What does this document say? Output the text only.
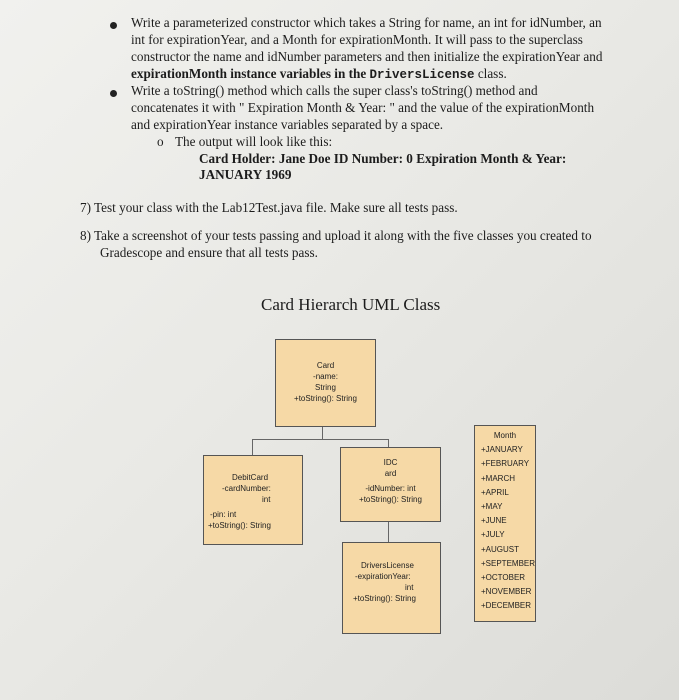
Write a parameterized constructor which takes a String for name, an int for idNumber, an
int for expirationYear, and a Month for expirationMonth. It will pass to the superclass
constructor the name and idNumber parameters and then initialize the expirationYear and
expirationMonth instance variables in the DriversLicense class.
Write a toString() method which calls the super class's toString() method and
concatenates it with " Expiration Month & Year: " and the value of the expirationMonth
and expirationYear instance variables separated by a space.
o The output will look like this:
Card Holder: Jane Doe ID Number: 0 Expiration Month & Year:
JANUARY 1969
7) Test your class with the Lab12Test.java file. Make sure all tests pass.
8) Take a screenshot of your tests passing and upload it along with the five classes you created to
Gradescope and ensure that all tests pass.
Card Hierarch UML Class
Card
-name:
String
+toString(): String
IDC
ard
-idNumber: int
+toString(): String
DebitCard
-cardNumber:
int
-pin: int
+toString(): String
DriversLicense
-expirationYear:
int
+toString(): String
Month
+JANUARY
+FEBRUARY
+MARCH
+APRIL
+MAY
+JUNE
+JULY
+AUGUST
+SEPTEMBER
+OCTOBER
+NOVEMBER
+DECEMBER
